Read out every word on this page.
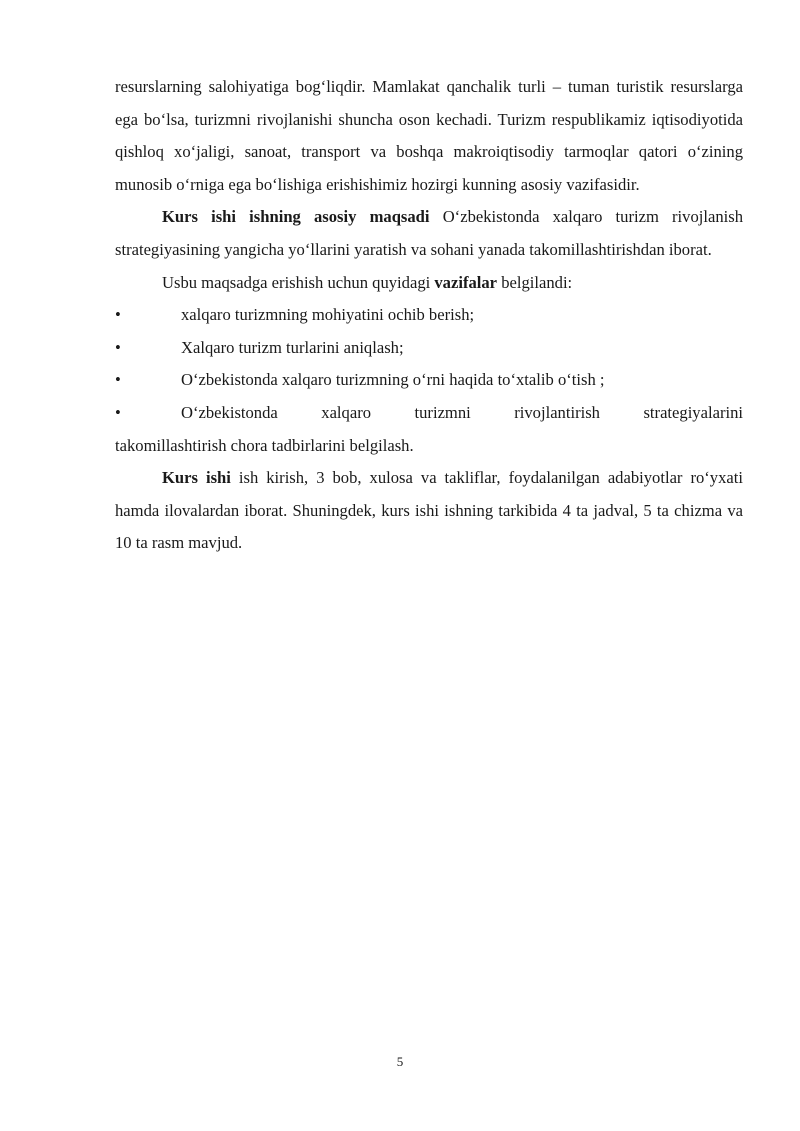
resurslarning salohiyatiga bog‘liqdir. Mamlakat qanchalik turli – tuman turistik resurslarga ega bo‘lsa, turizmni rivojlanishi shuncha oson kechadi. Turizm respublikamiz iqtisodiyotida qishloq xo‘jaligi, sanoat, transport va boshqa makroiqtisodiy tarmoqlar qatori o‘zining munosib o‘rniga ega bo‘lishiga erishishimiz hozirgi kunning asosiy vazifasidir.

Kurs ishi ishning asosiy maqsadi O‘zbekistonda xalqaro turizm rivojlanish strategiyasining yangicha yo‘llarini yaratish va sohani yanada takomillashtirishdan iborat.

Usbu maqsadga erishish uchun quyidagi vazifalar belgilandi:

•	xalqaro turizmning mohiyatini ochib berish;
•	Xalqaro turizm turlarini aniqlash;
•	O‘zbekistonda xalqaro turizmning o‘rni haqida to‘xtalib o‘tish ;
•	O‘zbekistonda xalqaro turizmni rivojlantirish strategiyalarini
takomillashtirish chora tadbirlarini belgilash.

Kurs ishi ish kirish, 3 bob, xulosa va takliflar, foydalanilgan adabiyotlar ro‘yxati hamda ilovalardan iborat. Shuningdek, kurs ishi ishning tarkibida 4 ta jadval, 5 ta chizma va 10 ta rasm mavjud.

5
